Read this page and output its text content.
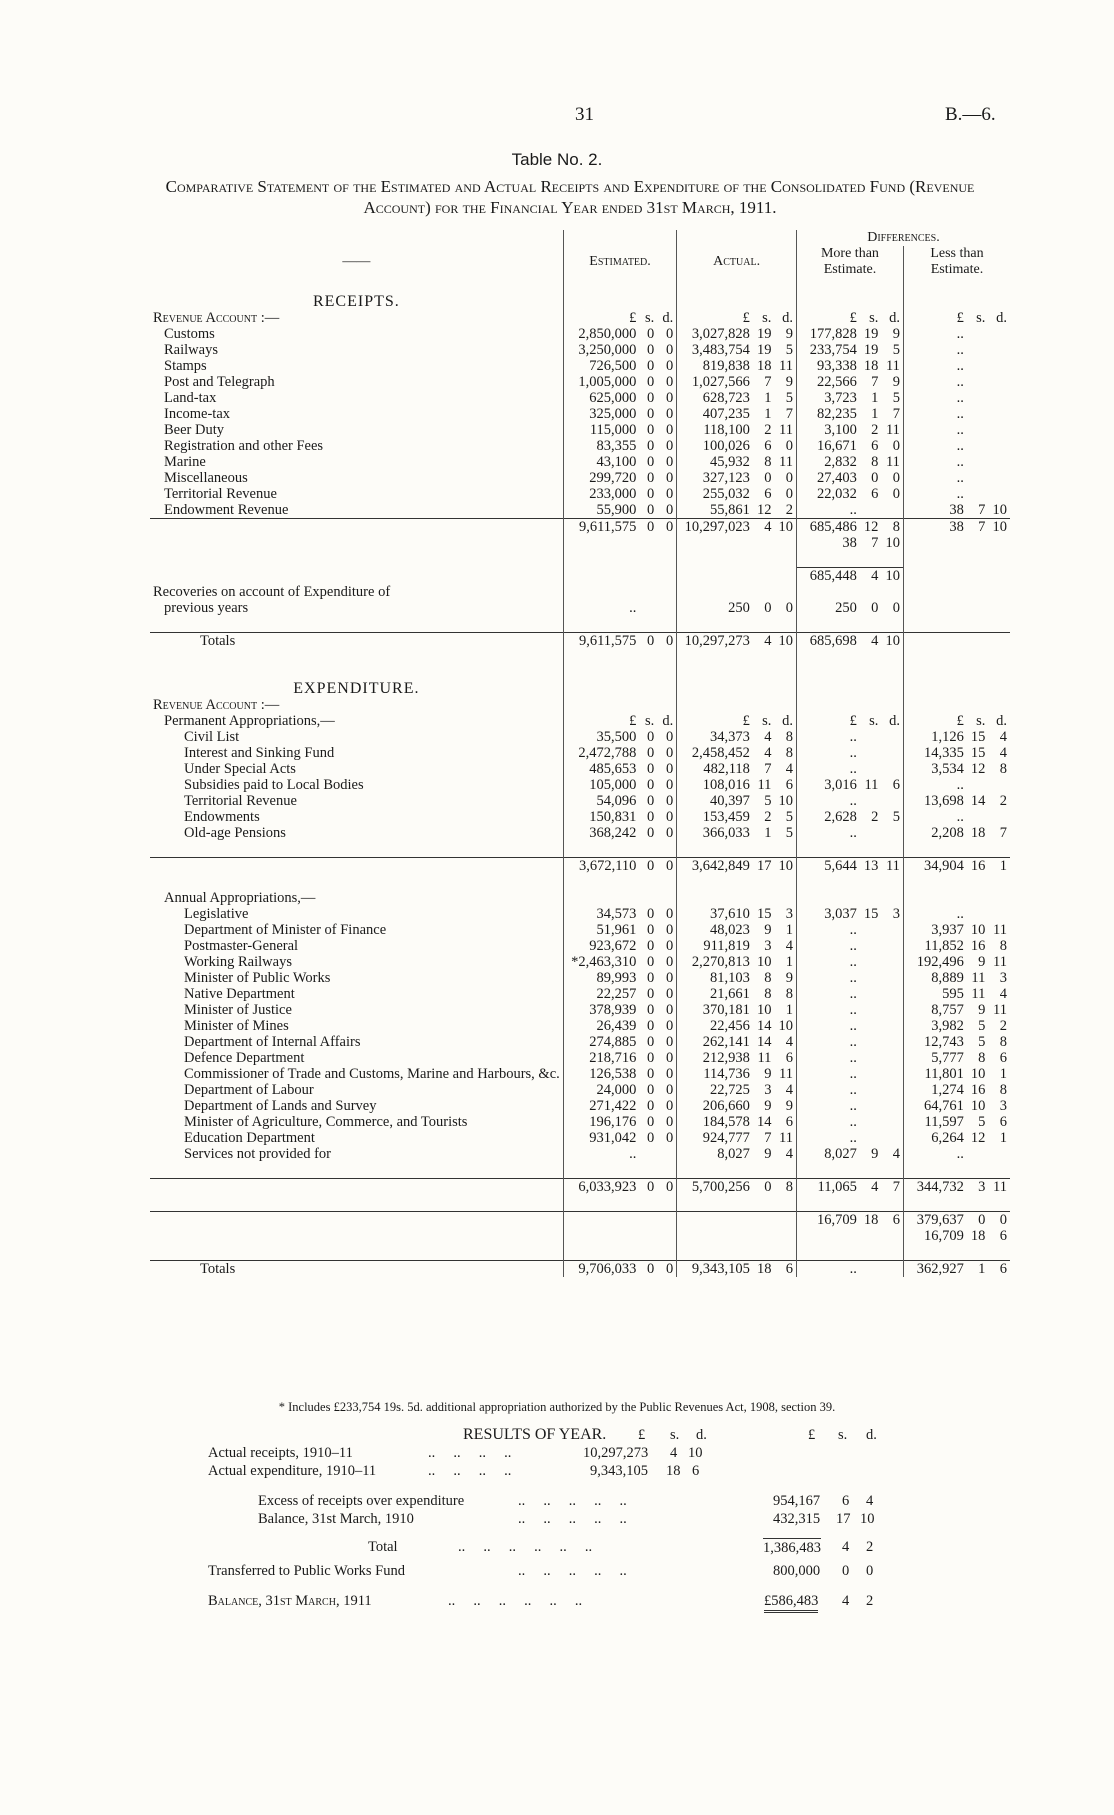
31	B.—6.
Table No. 2.
Comparative Statement of the Estimated and Actual Receipts and Expenditure of the Consolidated Fund (Revenue Account) for the Financial Year ended 31st March, 1911.
							Differences.					
——	Estimated.			Actual.			More than Estimate.			Less than Estimate.		

RECEIPTS.												
Revenue Account :—	£	s.	d.	£	s.	d.	£	s.	d.	£	s.	d.
Customs	2,850,000	0	0	3,027,828	19	9	177,828	19	9	..		
Railways	3,250,000	0	0	3,483,754	19	5	233,754	19	5	..		
Stamps	726,500	0	0	819,838	18	11	93,338	18	11	..		
Post and Telegraph	1,005,000	0	0	1,027,566	7	9	22,566	7	9	..		
Land-tax	625,000	0	0	628,723	1	5	3,723	1	5	..		
Income-tax	325,000	0	0	407,235	1	7	82,235	1	7	..		
Beer Duty	115,000	0	0	118,100	2	11	3,100	2	11	..		
Registration and other Fees	83,355	0	0	100,026	6	0	16,671	6	0	..		
Marine	43,100	0	0	45,932	8	11	2,832	8	11	..		
Miscellaneous	299,720	0	0	327,123	0	0	27,403	0	0	..		
Territorial Revenue	233,000	0	0	255,032	6	0	22,032	6	0	..		
Endowment Revenue	55,900	0	0	55,861	12	2	..			38	7	10
	9,611,575	0	0	10,297,023	4	10	685,486	12	8	38	7	10
							38	7	10			

							685,448	4	10			
Recoveries on account of Expenditure of												
previous years	..			250	0	0	250	0	0			

Totals	9,611,575	0	0	10,297,273	4	10	685,698	4	10			

EXPENDITURE.												
Revenue Account :—												
Permanent Appropriations,—	£	s.	d.	£	s.	d.	£	s.	d.	£	s.	d.
Civil List	35,500	0	0	34,373	4	8	..			1,126	15	4
Interest and Sinking Fund	2,472,788	0	0	2,458,452	4	8	..			14,335	15	4
Under Special Acts	485,653	0	0	482,118	7	4	..			3,534	12	8
Subsidies paid to Local Bodies	105,000	0	0	108,016	11	6	3,016	11	6	..		
Territorial Revenue	54,096	0	0	40,397	5	10	..			13,698	14	2
Endowments	150,831	0	0	153,459	2	5	2,628	2	5	..		
Old-age Pensions	368,242	0	0	366,033	1	5	..			2,208	18	7

	3,672,110	0	0	3,642,849	17	10	5,644	13	11	34,904	16	1

Annual Appropriations,—												
Legislative	34,573	0	0	37,610	15	3	3,037	15	3	..		
Department of Minister of Finance	51,961	0	0	48,023	9	1	..			3,937	10	11
Postmaster-General	923,672	0	0	911,819	3	4	..			11,852	16	8
Working Railways	*2,463,310	0	0	2,270,813	10	1	..			192,496	9	11
Minister of Public Works	89,993	0	0	81,103	8	9	..			8,889	11	3
Native Department	22,257	0	0	21,661	8	8	..			595	11	4
Minister of Justice	378,939	0	0	370,181	10	1	..			8,757	9	11
Minister of Mines	26,439	0	0	22,456	14	10	..			3,982	5	2
Department of Internal Affairs	274,885	0	0	262,141	14	4	..			12,743	5	8
Defence Department	218,716	0	0	212,938	11	6	..			5,777	8	6
Commissioner of Trade and Customs, Marine and Harbours, &c.	126,538	0	0	114,736	9	11	..			11,801	10	1
Department of Labour	24,000	0	0	22,725	3	4	..			1,274	16	8
Department of Lands and Survey	271,422	0	0	206,660	9	9	..			64,761	10	3
Minister of Agriculture, Commerce, and Tourists	196,176	0	0	184,578	14	6	..			11,597	5	6
Education Department	931,042	0	0	924,777	7	11	..			6,264	12	1
Services not provided for	..			8,027	9	4	8,027	9	4	..		

	6,033,923	0	0	5,700,256	0	8	11,065	4	7	344,732	3	11

							16,709	18	6	379,637	0	0
										16,709	18	6

Totals	9,706,033	0	0	9,343,105	18	6	..			362,927	1	6
* Includes £233,754 19s. 5d. additional appropriation authorized by the Public Revenues Act, 1908, section 39.
RESULTS OF YEAR. £ s. d.	£ s. d.
Actual receipts, 1910–11	..     ..     ..     ..	10,297,273 4 10
Actual expenditure, 1910–11	..     ..     ..     ..	9,343,105 18 6
Excess of receipts over expenditure	..     ..     ..     ..     ..	954,167 6 4
Balance, 31st March, 1910	..     ..     ..     ..     ..	432,315 17 10
Total	..     ..     ..     ..     ..     ..	1,386,483 4 2
Transferred to Public Works Fund	..     ..     ..     ..     ..	800,000 0 0
Balance, 31st March, 1911	..     ..     ..     ..     ..     ..	£586,483 4 2
